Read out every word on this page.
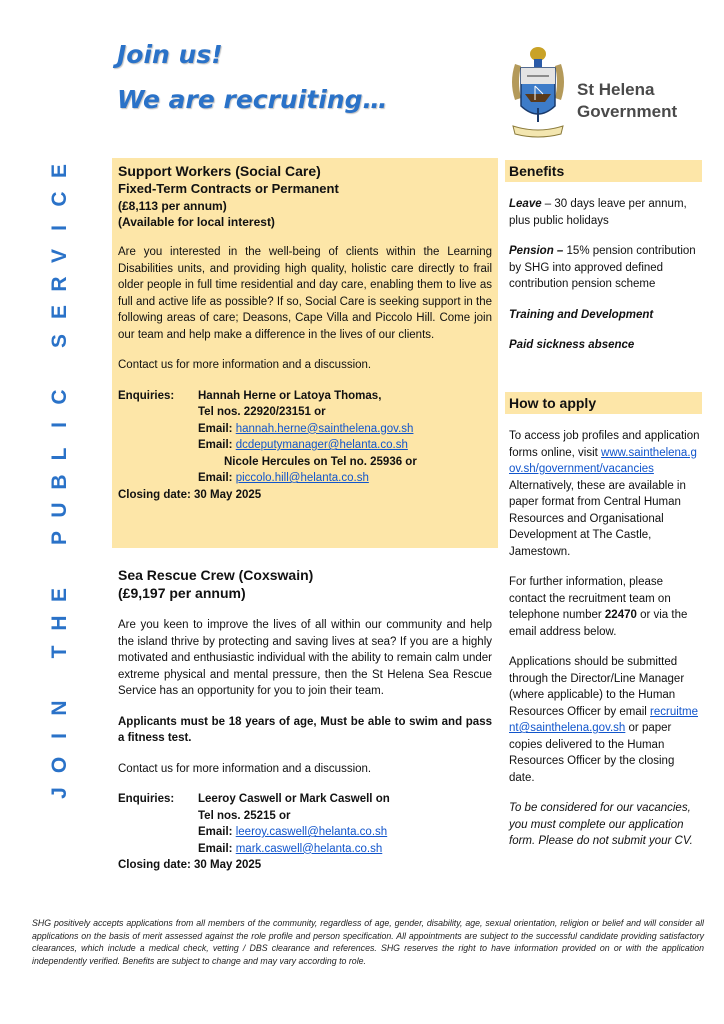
Join us!
We are recruiting…	St Helena
Government
E
C
I
V
R
E
S
C
I
L
B
U
P
E
H
T
N
I
O
J
Support Workers (Social Care)
Fixed-Term Contracts or Permanent
(£8,113 per annum)
(Available for local interest)
Are you interested in the well-being of clients within the Learning Disabilities units, and providing high quality, holistic care directly to frail older people in full time residential and day care, enabling them to live as full and active life as possible? If so, Social Care is seeking support in the following areas of care; Deasons, Cape Villa and Piccolo Hill. Come join our team and help make a difference in the lives of our clients.
Contact us for more information and a discussion.
Enquiries:	Hannah Herne or Latoya Thomas,
Tel nos. 22920/23151 or
Email: hannah.herne@sainthelena.gov.sh
Email: dcdeputymanager@helanta.co.sh
Nicole Hercules on Tel no. 25936 or
Email: piccolo.hill@helanta.co.sh
Closing date: 30 May 2025
Sea Rescue Crew (Coxswain)
(£9,197 per annum)
Are you keen to improve the lives of all within our community and help the island thrive by protecting and saving lives at sea? If you are a highly motivated and enthusiastic individual with the ability to remain calm under extreme physical and mental pressure, then the St Helena Sea Rescue Service has an opportunity for you to join their team.
Applicants must be 18 years of age, Must be able to swim and pass a fitness test.
Contact us for more information and a discussion.
Enquiries:	Leeroy Caswell or Mark Caswell on
Tel nos. 25215 or
Email: leeroy.caswell@helanta.co.sh
Email: mark.caswell@helanta.co.sh
Closing date: 30 May 2025
Benefits

Leave – 30 days leave per annum, plus public holidays

Pension – 15% pension contribution by SHG into approved defined contribution pension scheme

Training and Development

Paid sickness absence

How to apply

To access job profiles and application forms online, visit www.sainthelena.gov.sh/government/vacancies Alternatively, these are available in paper format from Central Human Resources and Organisational Development at The Castle, Jamestown.

For further information, please contact the recruitment team on telephone number 22470 or via the email address below.

Applications should be submitted through the Director/Line Manager (where applicable) to the Human Resources Officer by email recruitment@sainthelena.gov.sh or paper copies delivered to the Human Resources Officer by the closing date.

To be considered for our vacancies, you must complete our application form. Please do not submit your CV.

SHG positively accepts applications from all members of the community, regardless of age, gender, disability, age, sexual orientation, religion or belief and will consider all applications on the basis of merit assessed against the role profile and person specification. All appointments are subject to the successful candidate providing satisfactory clearances, which include a medical check, vetting / DBS clearance and references. SHG reserves the right to have information provided on or with the application independently verified. Benefits are subject to change and may vary according to role.
